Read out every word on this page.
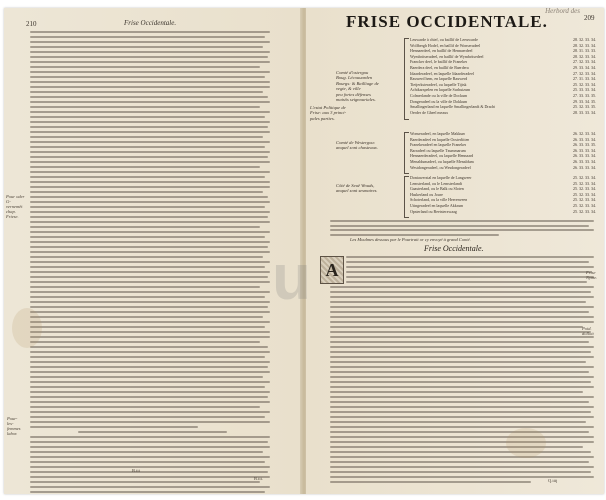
210	Frise Occidentale.
Pour oder G-
vernemēt chap.
Friese.
Pour-
les-
femmes
labor.
B.iii
B.iii.
FRISE OCCIDENTALE.	209
Herbord des
Comté d'ostergou
Boug. Lécouuarden
Bourgs: & Bailliage de
vegte, & ville
peu fortes dēfenses
maisōs seignouriales.
L'estat Politique de
Frise: aux 3 princi-
pales parties.
Leuwarde à chief, ou baillif de Leeuwarde	28. 32. 33. 34.
Wolfbergh Hodel, en baillif de Wonseradeel	28. 32. 33. 34.
Hennaerdeel, en baillif de Hennaerdeel	28. 31. 33. 33.
Wymbritseradeel, en baillif de Wymbritsedeel	28. 32. 33. 34.
Francker deel, le baillif de Franeker	27. 32. 33. 34.
Baerdera deel, en baillif de Baerdera	29. 33. 34. 34.
Idaarderadeel, en laquelle Idaarderadeel	27. 32. 33. 34.
Rauwerd hem, en laquelle Rauwerd	27. 31. 33. 34.
Tietjerksteradeel, ou laquelle Tijtsk	25. 32. 33. 34.
Achtkarspelen en laquelle Surhuizum	25. 33. 33. 34.
Colmerlande ou la ville de Dockum	27. 33. 33. 35.
Dongeradeel ou la ville de Dokkum	29. 33. 34. 35.
Smallingerland en laquelle Smallingerlandt & Dracht	25. 32. 33. 35.
Oerder de Gheel meaux	28. 33. 33. 34.
Comté de Westergou:
anquel sont chasteaux.
Wonseradeel, en laquelle Makkum	26. 32. 33. 34.
Baerderadeel en laquelle Oosterlitten	26. 33. 33. 34.
Franekeradeel en laquelle Franeker	26. 33. 33. 35.
Barradeel ou laquelle Tzummarum	26. 33. 33. 34.
Hennaerderadeel, ou laquelle Hennaard	26. 33. 33. 34.
Menaldumadeel, ou laquelle Menaldum	26. 33. 33. 34.
Westdongeradeel, ou Wesdongeradeel	26. 33. 33. 34.
Cōté de Seuē Wouds,
anquel sont sesmaires.
Doniawerstal en laquelle de Langweer	25. 32. 33. 34.
Lemsterland, ou le Lemsterlandt	25. 32. 33. 34.
Gaasterland, ou le Balk ou Sloten	25. 32. 33. 34.
Haskerland ou Joure	25. 32. 33. 34.
Schoterland, ou la ville Heerenveen	25. 32. 33. 34.
Utingeradeel en laquelle Akkrum	25. 32. 33. 34.
Opsterland ou Beetsterzwaag	25. 32. 33. 34.
Les Moulmes dessous par le Pourtrait or cy envoyé à grand Conté.
Frise Occidentale.
A	Frise
Nyme.
Poid. dolloit
Q.iiij
u
